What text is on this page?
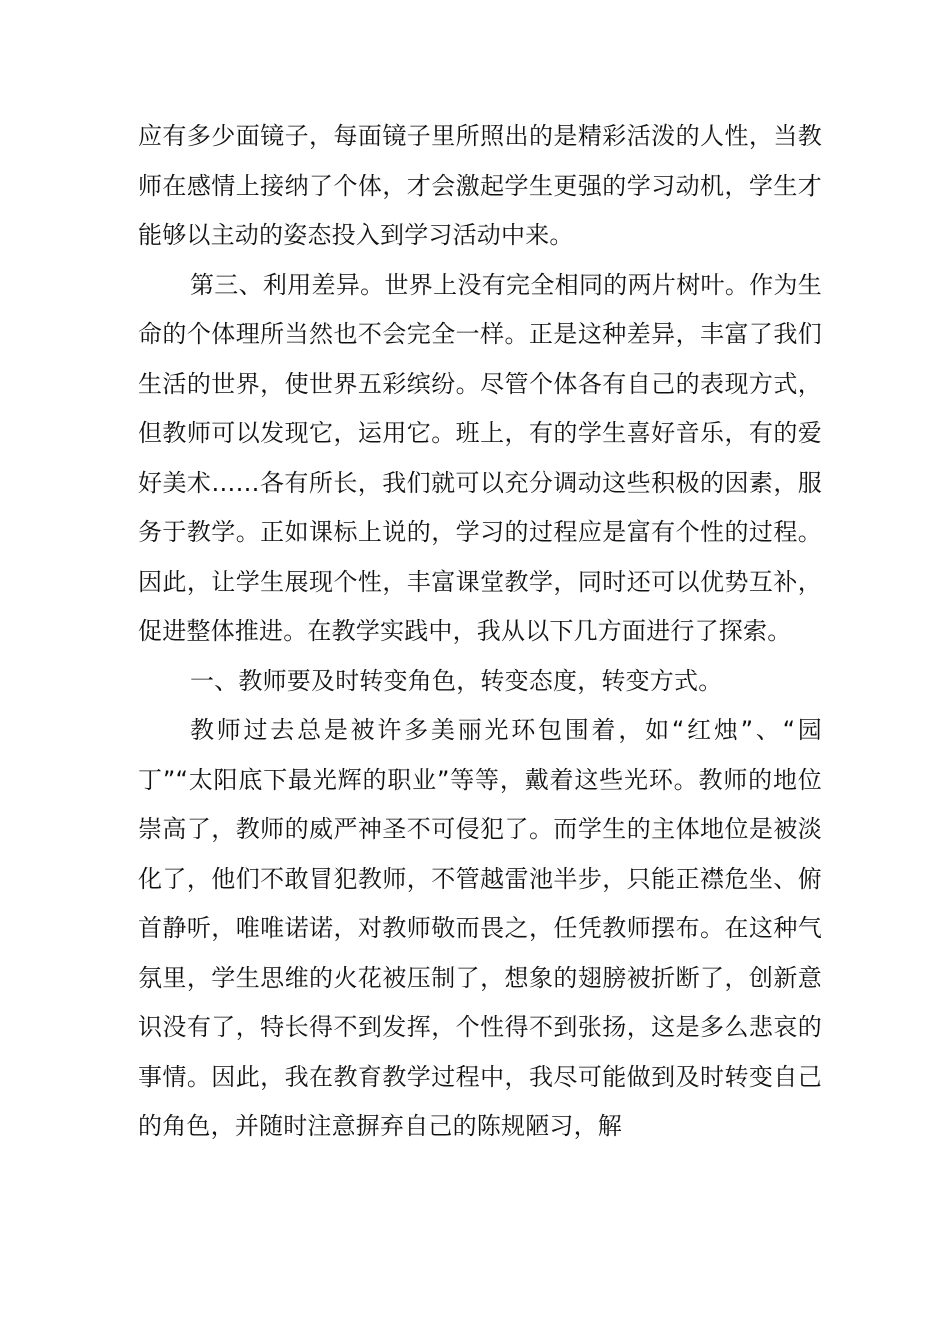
应有多少面镜子，每面镜子里所照出的是精彩活泼的人性，当教师在感情上接纳了个体，才会激起学生更强的学习动机，学生才能够以主动的姿态投入到学习活动中来。

第三、利用差异。世界上没有完全相同的两片树叶。作为生命的个体理所当然也不会完全一样。正是这种差异，丰富了我们生活的世界，使世界五彩缤纷。尽管个体各有自己的表现方式，但教师可以发现它，运用它。班上，有的学生喜好音乐，有的爱好美术……各有所长，我们就可以充分调动这些积极的因素，服务于教学。正如课标上说的，学习的过程应是富有个性的过程。因此，让学生展现个性，丰富课堂教学，同时还可以优势互补，促进整体推进。在教学实践中，我从以下几方面进行了探索。

一、教师要及时转变角色，转变态度，转变方式。

教师过去总是被许多美丽光环包围着，如“红烛”、“园丁”“太阳底下最光辉的职业”等等，戴着这些光环。教师的地位崇高了，教师的威严神圣不可侵犯了。而学生的主体地位是被淡化了，他们不敢冒犯教师，不管越雷池半步，只能正襟危坐、俯首静听，唯唯诺诺，对教师敬而畏之，任凭教师摆布。在这种气氛里，学生思维的火花被压制了，想象的翅膀被折断了，创新意识没有了，特长得不到发挥，个性得不到张扬，这是多么悲哀的事情。因此，我在教育教学过程中，我尽可能做到及时转变自己的角色，并随时注意摒弃自己的陈规陋习，解
